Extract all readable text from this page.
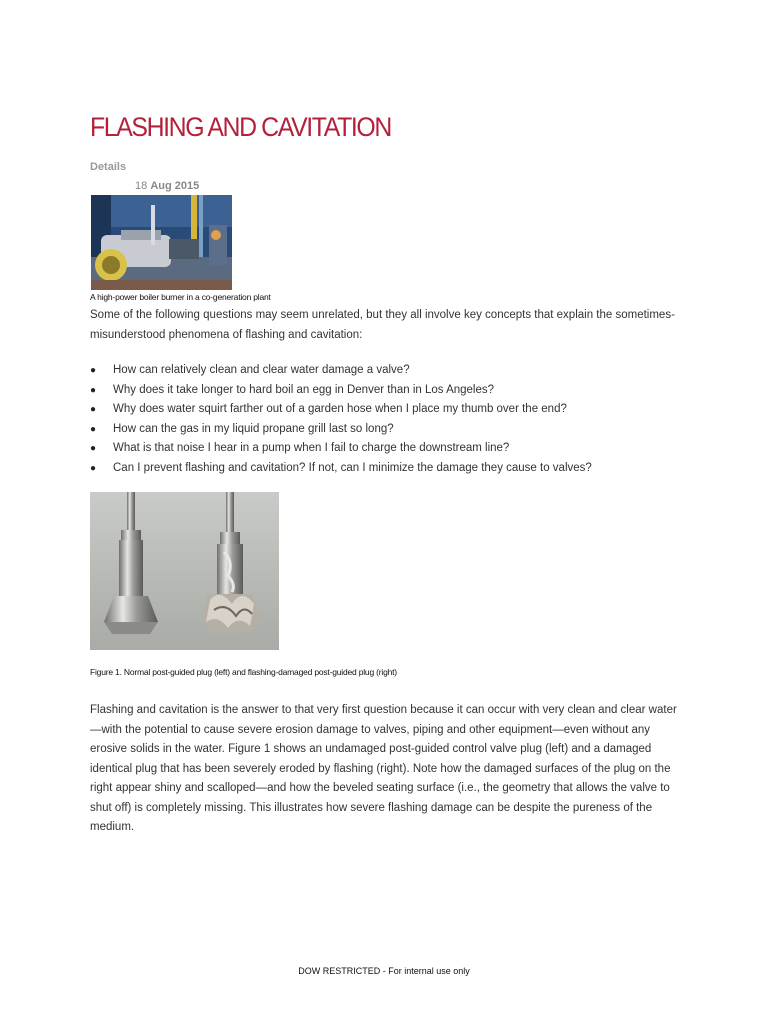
FLASHING AND CAVITATION
Details
18 Aug 2015
A high-power boiler burner in a co-generation plant
Some of the following questions may seem unrelated, but they all involve key concepts that explain the sometimes-misunderstood phenomena of flashing and cavitation:
● How can relatively clean and clear water damage a valve?
● Why does it take longer to hard boil an egg in Denver than in Los Angeles?
● Why does water squirt farther out of a garden hose when I place my thumb over the end?
● How can the gas in my liquid propane grill last so long?
● What is that noise I hear in a pump when I fail to charge the downstream line?
● Can I prevent flashing and cavitation? If not, can I minimize the damage they cause to valves?
Figure 1. Normal post-guided plug (left) and flashing-damaged post-guided plug (right)
Flashing and cavitation is the answer to that very first question because it can occur with very clean and clear water—with the potential to cause severe erosion damage to valves, piping and other equipment—even without any erosive solids in the water. Figure 1 shows an undamaged post-guided control valve plug (left) and a damaged identical plug that has been severely eroded by flashing (right). Note how the damaged surfaces of the plug on the right appear shiny and scalloped—and how the beveled seating surface (i.e., the geometry that allows the valve to shut off) is completely missing. This illustrates how severe flashing damage can be despite the pureness of the medium.
DOW RESTRICTED - For internal use only
